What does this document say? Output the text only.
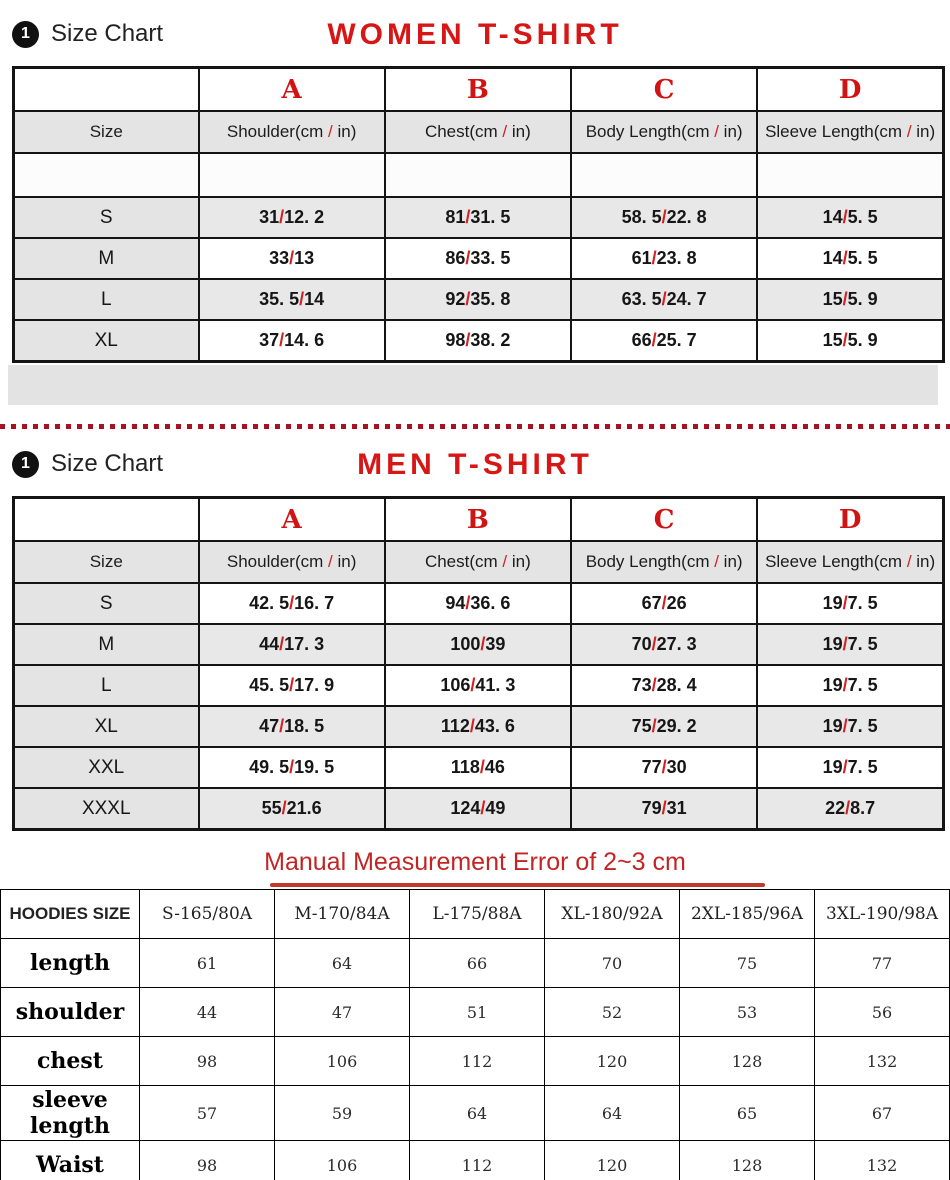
1 Size Chart	WOMEN T-SHIRT
	A	B	C	D
Size	Shoulder(cm / in)	Chest(cm / in)	Body Length(cm / in)	Sleeve Length(cm / in)

S	31/12. 2	81/31. 5	58. 5/22. 8	14/5. 5
M	33/13	86/33. 5	61/23. 8	14/5. 5
L	35. 5/14	92/35. 8	63. 5/24. 7	15/5. 9
XL	37/14. 6	98/38. 2	66/25. 7	15/5. 9
1 Size Chart	MEN T-SHIRT
	A	B	C	D
Size	Shoulder(cm / in)	Chest(cm / in)	Body Length(cm / in)	Sleeve Length(cm / in)
S	42. 5/16. 7	94/36. 6	67/26	19/7. 5
M	44/17. 3	100/39	70/27. 3	19/7. 5
L	45. 5/17. 9	106/41. 3	73/28. 4	19/7. 5
XL	47/18. 5	112/43. 6	75/29. 2	19/7. 5
XXL	49. 5/19. 5	118/46	77/30	19/7. 5
XXXL	55/21.6	124/49	79/31	22/8.7
Manual Measurement Error of 2~3 cm
HOODIES SIZE	S-165/80A	M-170/84A	L-175/88A	XL-180/92A	2XL-185/96A	3XL-190/98A
length	61	64	66	70	75	77
shoulder	44	47	51	52	53	56
chest	98	106	112	120	128	132
sleeve length	57	59	64	64	65	67
Waist	98	106	112	120	128	132
